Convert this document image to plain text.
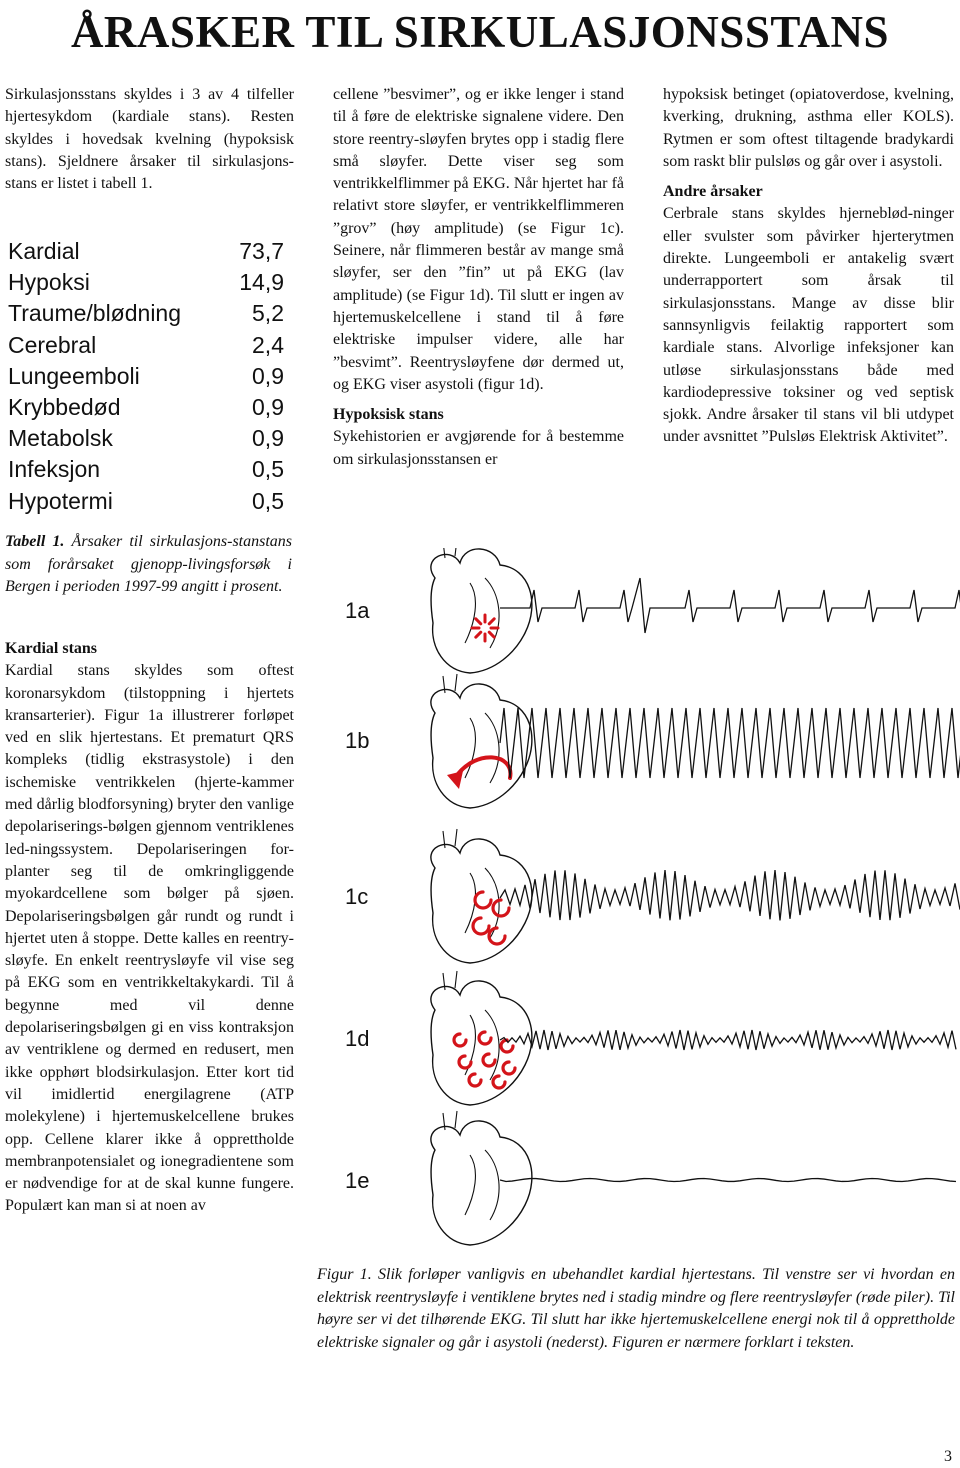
ÅRASKER TIL SIRKULASJONSSTANS

Sirkulasjonsstans skyldes i 3 av 4 tilfeller hjertesykdom (kardiale stans). Resten skyldes i hovedsak kvelning (hypoksisk stans). Sjeldnere årsaker til sirkulasjons-stans er listet i tabell 1.

Kardial	73,7
Hypoksi	14,9
Traume/blødning	5,2
Cerebral	2,4
Lungeemboli	0,9
Krybbedød	0,9
Metabolsk	0,9
Infeksjon	0,5
Hypotermi	0,5
Tabell 1. Årsaker til sirkulasjons-stanstans som forårsaket gjenopp-livingsforsøk i Bergen i perioden 1997-99 angitt i prosent.

Kardial stans

Kardial stans skyldes som oftest koronarsykdom (tilstoppning i hjertets kransarterier). Figur 1a illustrerer forløpet ved en slik hjertestans. Et prematurt QRS kompleks (tidlig ekstrasystole) i den ischemiske ventrikkelen (hjerte-kammer med dårlig blodforsyning) bryter den vanlige depolariserings-bølgen gjennom ventriklenes led-ningssystem. Depolariseringen for-planter seg til de omkringliggende myokardcellene som bølger på sjøen. Depolariseringsbølgen går rundt og rundt i hjertet uten å stoppe. Dette kalles en reentry-sløyfe. En enkelt reentrysløyfe vil vise seg på EKG som en ventrikkeltakykardi. Til å begynne med vil denne depolariseringsbølgen gi en viss kontraksjon av ventriklene og dermed en redusert, men ikke opphørt blodsirkulasjon. Etter kort tid vil imidlertid energilagrene (ATP molekylene) i hjertemuskelcellene brukes opp. Cellene klarer ikke å opprettholde membranpotensialet og ionegradientene som er nødvendige for at de skal kunne fungere. Populært kan man si at noen av

cellene ”besvimer”, og er ikke lenger i stand til å føre de elektriske signalene videre. Den store reentry-sløyfen brytes opp i stadig flere små sløyfer. Dette viser seg som ventrikkelflimmer på EKG. Når hjertet har få relativt store sløyfer, er ventrikkelflimmeren ”grov” (høy amplitude) (se Figur 1c). Seinere, når flimmeren består av mange små sløyfer, ser den ”fin” ut på EKG (lav amplitude) (se Figur 1d). Til slutt er ingen av hjertemuskelcellene i stand til å føre elektriske impulser videre, alle har ”besvimt”. Reentrysløyfene dør dermed ut, og EKG viser asystoli (figur 1d).

Hypoksisk stans

Sykehistorien er avgjørende for å bestemme om sirkulasjonsstansen er

hypoksisk betinget (opiatoverdose, kvelning, kverking, drukning, asthma eller KOLS). Rytmen er som oftest tiltagende bradykardi som raskt blir pulsløs og går over i asystoli.

Andre årsaker

Cerbrale stans skyldes hjerneblød-ninger eller svulster som påvirker hjerterytmen direkte. Lungeemboli er antakelig svært underrapportert som årsak til sirkulasjonsstans. Mange av disse blir sannsynligvis feilaktig rapportert som kardiale stans. Alvorlige infeksjoner kan utløse sirkulasjonsstans både med kardiodepressive toksiner og ved septisk sjokk. Andre årsaker til stans vil bli utdypet under avsnittet ”Pulsløs Elektrisk Aktivitet”.

1a
1b
1c
1d
1e
Figur 1. Slik forløper vanligvis en ubehandlet kardial hjertestans. Til venstre ser vi hvordan en elektrisk reentrysløyfe i ventiklene brytes ned i stadig mindre og flere reentrysløyfer (røde piler). Til høyre ser vi det tilhørende EKG. Til slutt har ikke hjertemuskelcellene energi nok til å opprettholde elektriske signaler og går i asystoli (nederst). Figuren er nærmere forklart i teksten.
3
